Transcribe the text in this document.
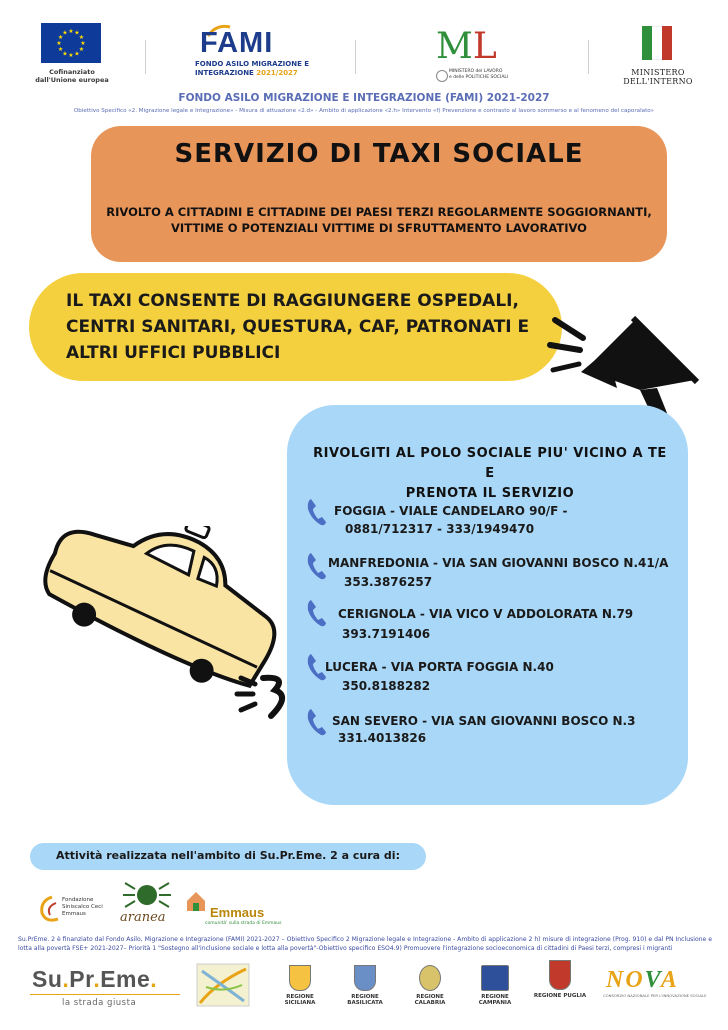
★ ★
★
★
★
★
★
★
★
★
★
★
Cofinanziato
dall'Unione europea
FAMI
FONDO ASILO MIGRAZIONE E
INTEGRAZIONE 2021/2027
ML
MINISTERO del LAVORO
e delle POLITICHE SOCIALI
MINISTERO
DELL'INTERNO
FONDO ASILO MIGRAZIONE E INTEGRAZIONE (FAMI) 2021-2027
Obiettivo Specifico «2. Migrazione legale e Integrazione» - Misura di attuazione «2.d» - Ambito di applicazione «2.h» Intervento «f) Prevenzione e contrasto al lavoro sommerso e al fenomeno del caporalato»
SERVIZIO DI TAXI SOCIALE
RIVOLTO A CITTADINI E CITTADINE DEI PAESI TERZI REGOLARMENTE SOGGIORNANTI,
VITTIME O POTENZIALI VITTIME DI SFRUTTAMENTO LAVORATIVO
IL TAXI CONSENTE DI RAGGIUNGERE OSPEDALI,
CENTRI SANITARI, QUESTURA, CAF, PATRONATI E
ALTRI UFFICI PUBBLICI
RIVOLGITI AL POLO SOCIALE PIU' VICINO A TE E
PRENOTA IL SERVIZIO
FOGGIA - VIALE CANDELARO 90/F -
0881/712317 - 333/1949470
MANFREDONIA - VIA SAN GIOVANNI BOSCO N.41/A
353.3876257
CERIGNOLA - VIA VICO V ADDOLORATA N.79
393.7191406
LUCERA - VIA PORTA FOGGIA N.40
350.8188282
SAN SEVERO - VIA SAN GIOVANNI BOSCO N.3
331.4013826
Attività realizzata nell'ambito di Su.Pr.Eme. 2 a cura di:
Fondazione
Siniscalco Ceci
Emmaus	aranea	Emmaus
comunità' sulla strada di Emmaus
Su.PrEme. 2 è finanziato dal Fondo Asilo, Migrazione e Integrazione (FAMI) 2021-2027 – Obiettivo Specifico 2 Migrazione legale e Integrazione - Ambito di applicazione 2 h) misure di integrazione (Prog. 910) e dal PN Inclusione e lotta alla povertà FSE+ 2021-2027– Priorità 1 "Sostegno all'inclusione sociale e lotta alla povertà"-Obiettivo specifico ESO4.9) Promuovere l'integrazione socioeconomica di cittadini di Paesi terzi, compresi i migranti
Su.Pr.Eme.
la strada giusta
REGIONE SICILIANA
REGIONE BASILICATA
REGIONE CALABRIA
REGIONE CAMPANIA
REGIONE PUGLIA
NOVA
CONSORZIO NAZIONALE PER L'INNOVAZIONE SOCIALE
